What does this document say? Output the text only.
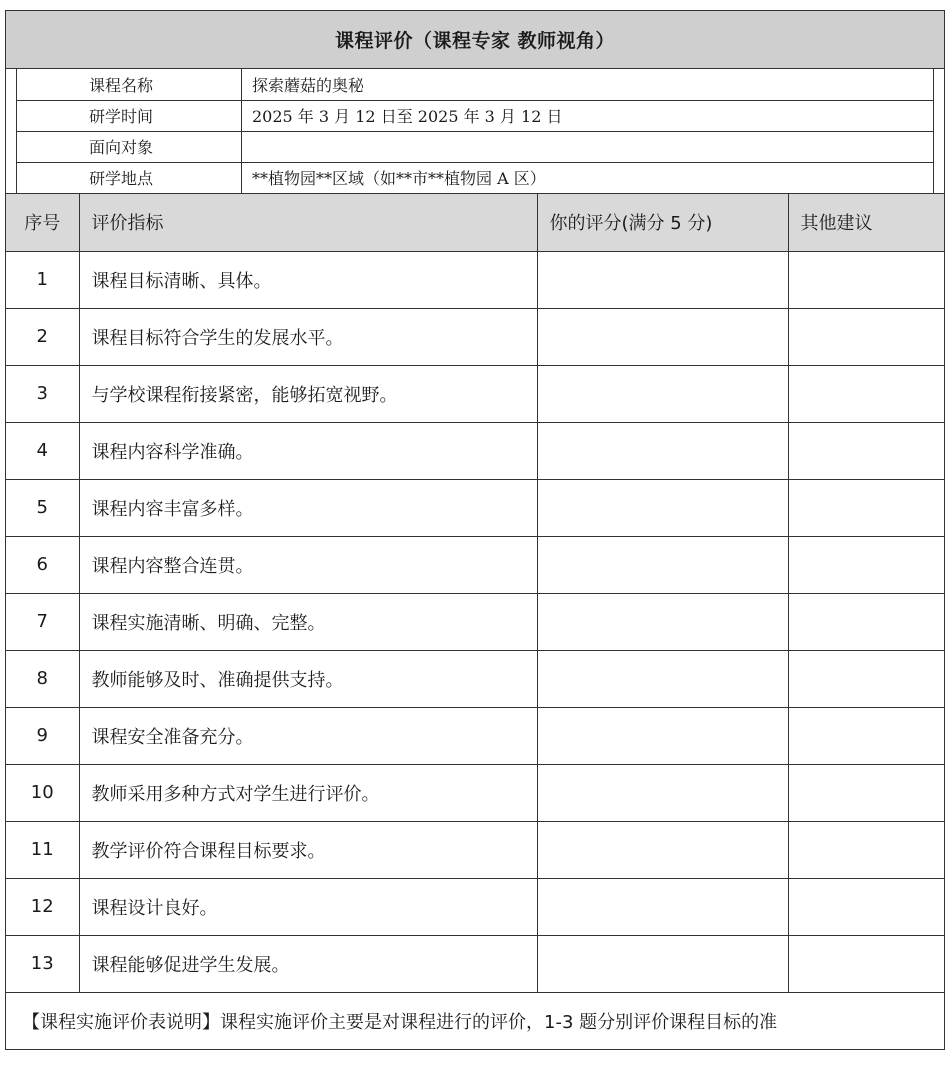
课程评价（课程专家 教师视角）
课程名称	探索蘑菇的奥秘
研学时间	2025 年 3 月 12 日至 2025 年 3 月 12 日
面向对象	
研学地点	**植物园**区域（如**市**植物园 A 区）
序号	评价指标	你的评分(满分 5 分)	其他建议
1	课程目标清晰、具体。		
2	课程目标符合学生的发展水平。		
3	与学校课程衔接紧密，能够拓宽视野。		
4	课程内容科学准确。		
5	课程内容丰富多样。		
6	课程内容整合连贯。		
7	课程实施清晰、明确、完整。		
8	教师能够及时、准确提供支持。		
9	课程安全准备充分。		
10	教师采用多种方式对学生进行评价。		
11	教学评价符合课程目标要求。		
12	课程设计良好。		
13	课程能够促进学生发展。		
【课程实施评价表说明】课程实施评价主要是对课程进行的评价，1-3 题分别评价课程目标的准
